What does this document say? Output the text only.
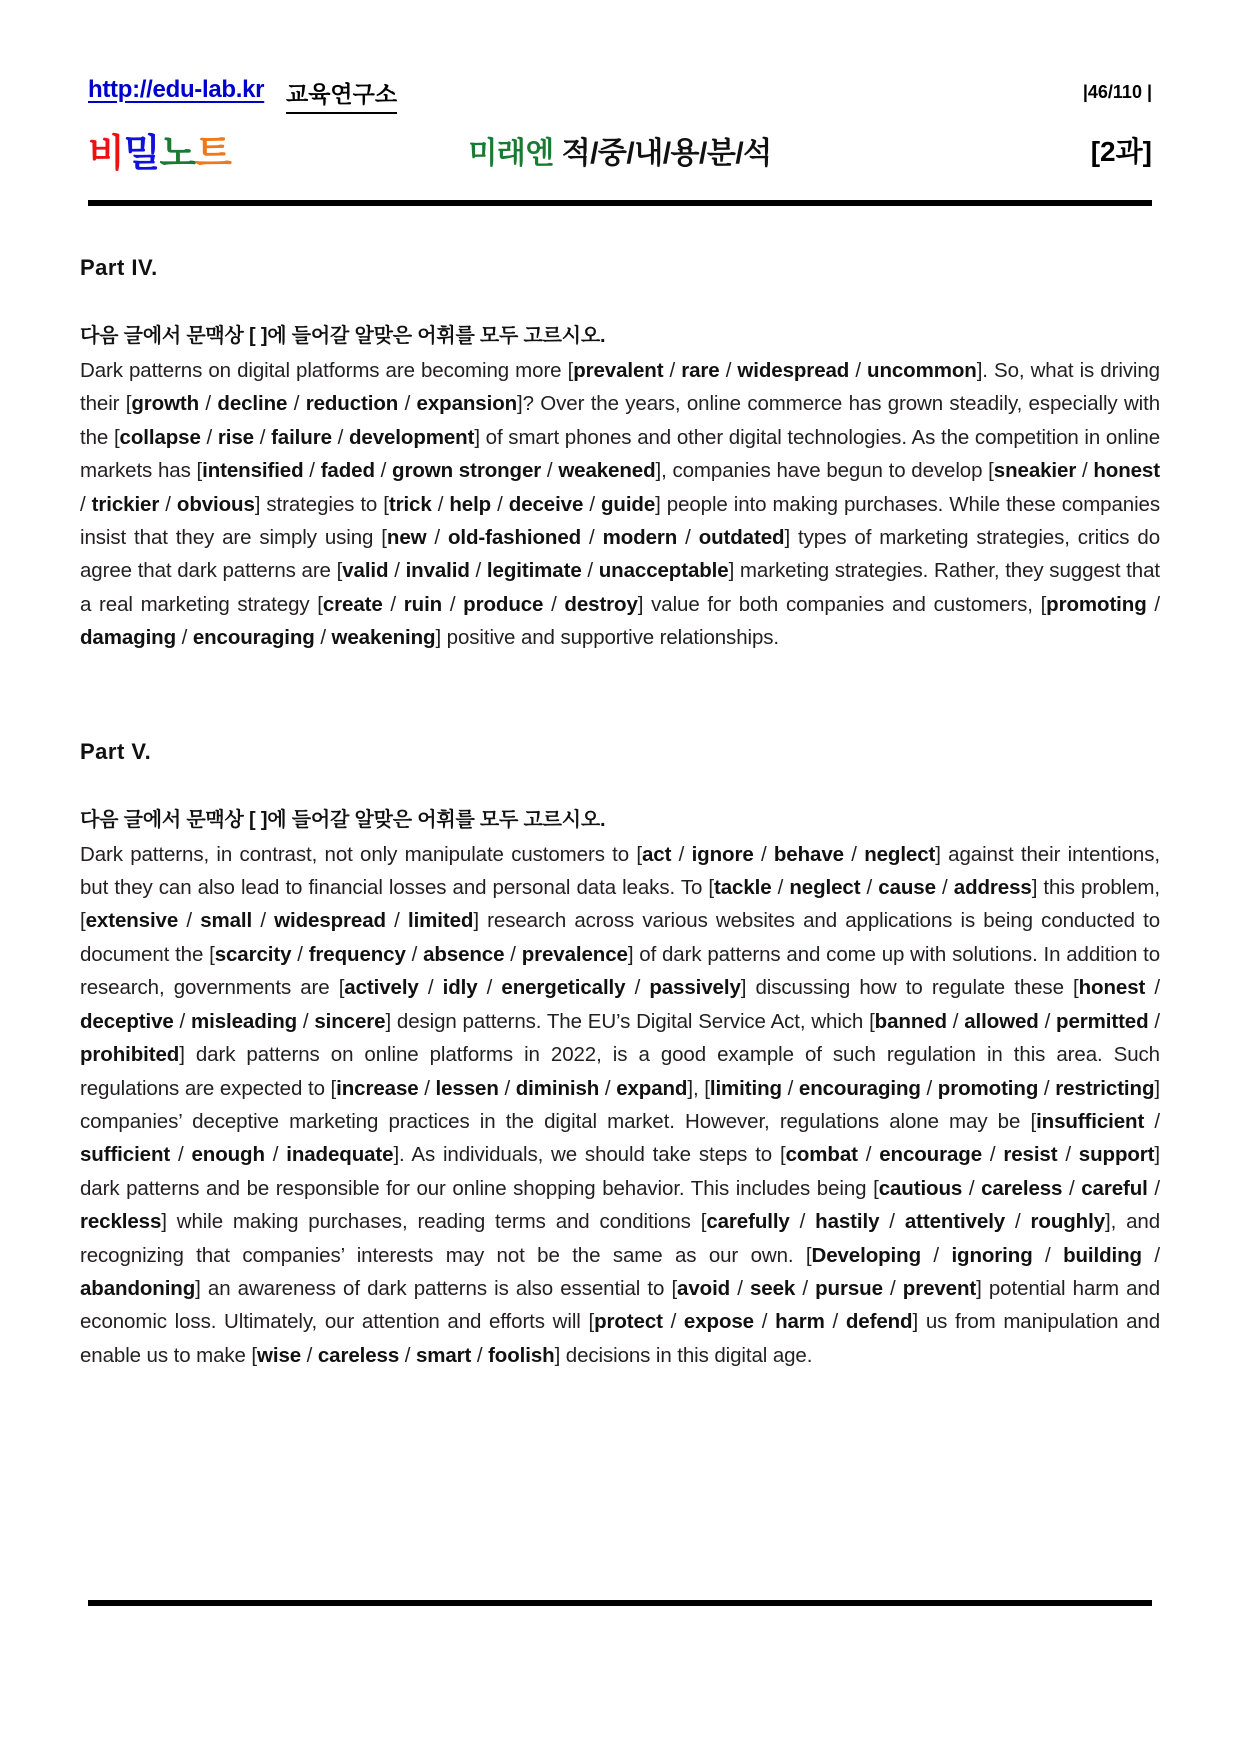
http://edu-lab.kr 교육연구소	|46/110 |
비밀노트	미래엔 적/중/내/용/분/석	[2과]
Part IV.

다음 글에서 문맥상 [ ]에 들어갈 알맞은 어휘를 모두 고르시오.

Dark patterns on digital platforms are becoming more [prevalent / rare / widespread / uncommon]. So, what is driving their [growth / decline / reduction / expansion]? Over the years, online commerce has grown steadily, especially with the [collapse / rise / failure / development] of smart phones and other digital technologies. As the competition in online markets has [intensified / faded / grown stronger / weakened], companies have begun to develop [sneakier / honest / trickier / obvious] strategies to [trick / help / deceive / guide] people into making purchases. While these companies insist that they are simply using [new / old-fashioned / modern / outdated] types of marketing strategies, critics do agree that dark patterns are [valid / invalid / legitimate / unacceptable] marketing strategies. Rather, they suggest that a real marketing strategy [create / ruin / produce / destroy] value for both companies and customers, [promoting / damaging / encouraging / weakening] positive and supportive relationships.

Part V.

다음 글에서 문맥상 [ ]에 들어갈 알맞은 어휘를 모두 고르시오.

Dark patterns, in contrast, not only manipulate customers to [act / ignore / behave / neglect] against their intentions, but they can also lead to financial losses and personal data leaks. To [tackle / neglect / cause / address] this problem, [extensive / small / widespread / limited] research across various websites and applications is being conducted to document the [scarcity / frequency / absence / prevalence] of dark patterns and come up with solutions. In addition to research, governments are [actively / idly / energetically / passively] discussing how to regulate these [honest / deceptive / misleading / sincere] design patterns. The EU’s Digital Service Act, which [banned / allowed / permitted / prohibited] dark patterns on online platforms in 2022, is a good example of such regulation in this area. Such regulations are expected to [increase / lessen / diminish / expand], [limiting / encouraging / promoting / restricting] companies’ deceptive marketing practices in the digital market. However, regulations alone may be [insufficient / sufficient / enough / inadequate]. As individuals, we should take steps to [combat / encourage / resist / support] dark patterns and be responsible for our online shopping behavior. This includes being [cautious / careless / careful / reckless] while making purchases, reading terms and conditions [carefully / hastily / attentively / roughly], and recognizing that companies’ interests may not be the same as our own. [Developing / ignoring / building / abandoning] an awareness of dark patterns is also essential to [avoid / seek / pursue / prevent] potential harm and economic loss. Ultimately, our attention and efforts will [protect / expose / harm / defend] us from manipulation and enable us to make [wise / careless / smart / foolish] decisions in this digital age.
